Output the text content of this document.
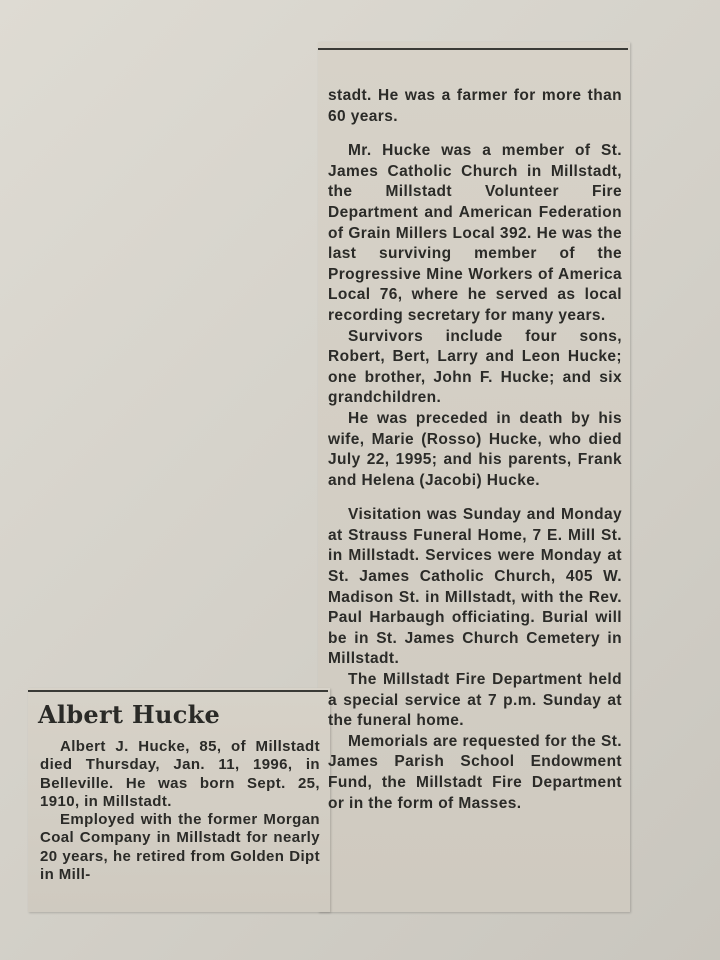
Albert Hucke

Albert J. Hucke, 85, of Millstadt died Thursday, Jan. 11, 1996, in Belleville. He was born Sept. 25, 1910, in Millstadt.

Employed with the former Morgan Coal Company in Millstadt for nearly 20 years, he retired from Golden Dipt in Mill-

stadt. He was a farmer for more than 60 years.

Mr. Hucke was a member of St. James Catholic Church in Millstadt, the Millstadt Volunteer Fire Department and American Federation of Grain Millers Local 392. He was the last surviving member of the Progressive Mine Workers of America Local 76, where he served as local recording secretary for many years.

Survivors include four sons, Robert, Bert, Larry and Leon Hucke; one brother, John F. Hucke; and six grandchildren.

He was preceded in death by his wife, Marie (Rosso) Hucke, who died July 22, 1995; and his parents, Frank and Helena (Jacobi) Hucke.

Visitation was Sunday and Monday at Strauss Funeral Home, 7 E. Mill St. in Millstadt. Services were Monday at St. James Catholic Church, 405 W. Madison St. in Millstadt, with the Rev. Paul Harbaugh officiating. Burial will be in St. James Church Cemetery in Millstadt.

The Millstadt Fire Department held a special service at 7 p.m. Sunday at the funeral home.

Memorials are requested for the St. James Parish School Endowment Fund, the Millstadt Fire Department or in the form of Masses.
